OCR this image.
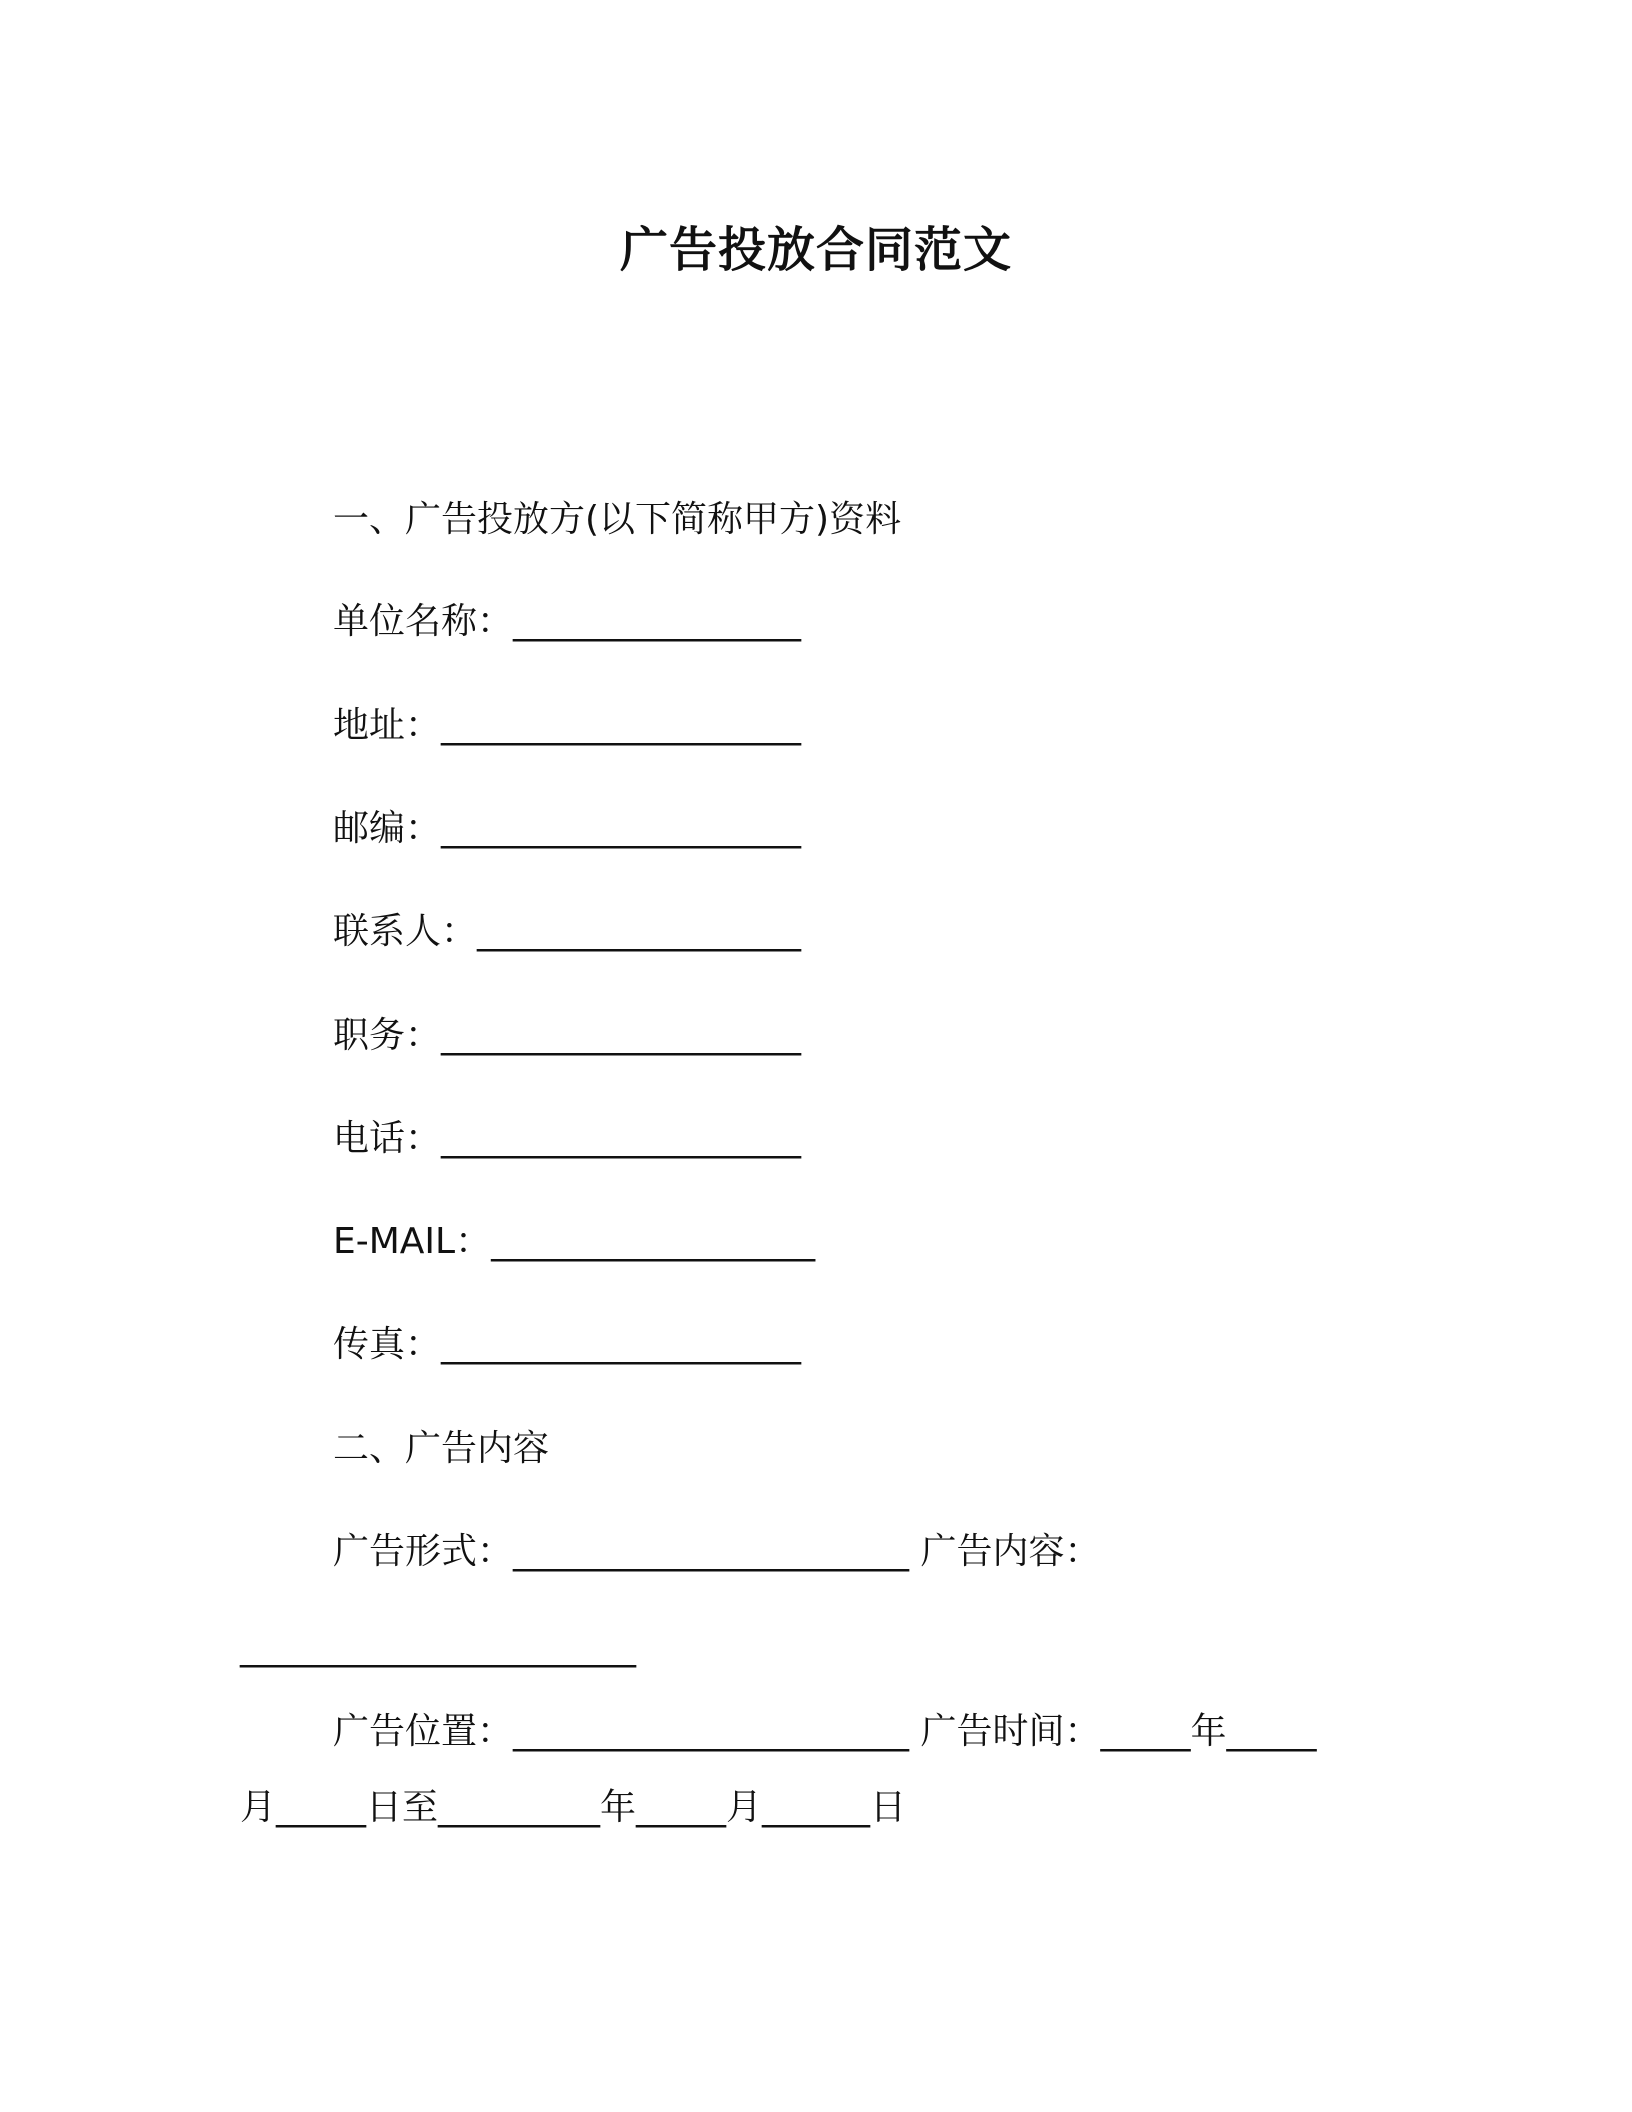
广告投放合同范文
一、广告投放方(以下简称甲方)资料
单位名称：________________
地址：____________________
邮编：____________________
联系人：__________________
职务：____________________
电话：____________________
E-MAIL：__________________
传真：____________________
二、广告内容
广告形式：______________________ 广告内容：
______________________
广告位置：______________________ 广告时间：_____年_____
月_____日至_________年_____月______日
